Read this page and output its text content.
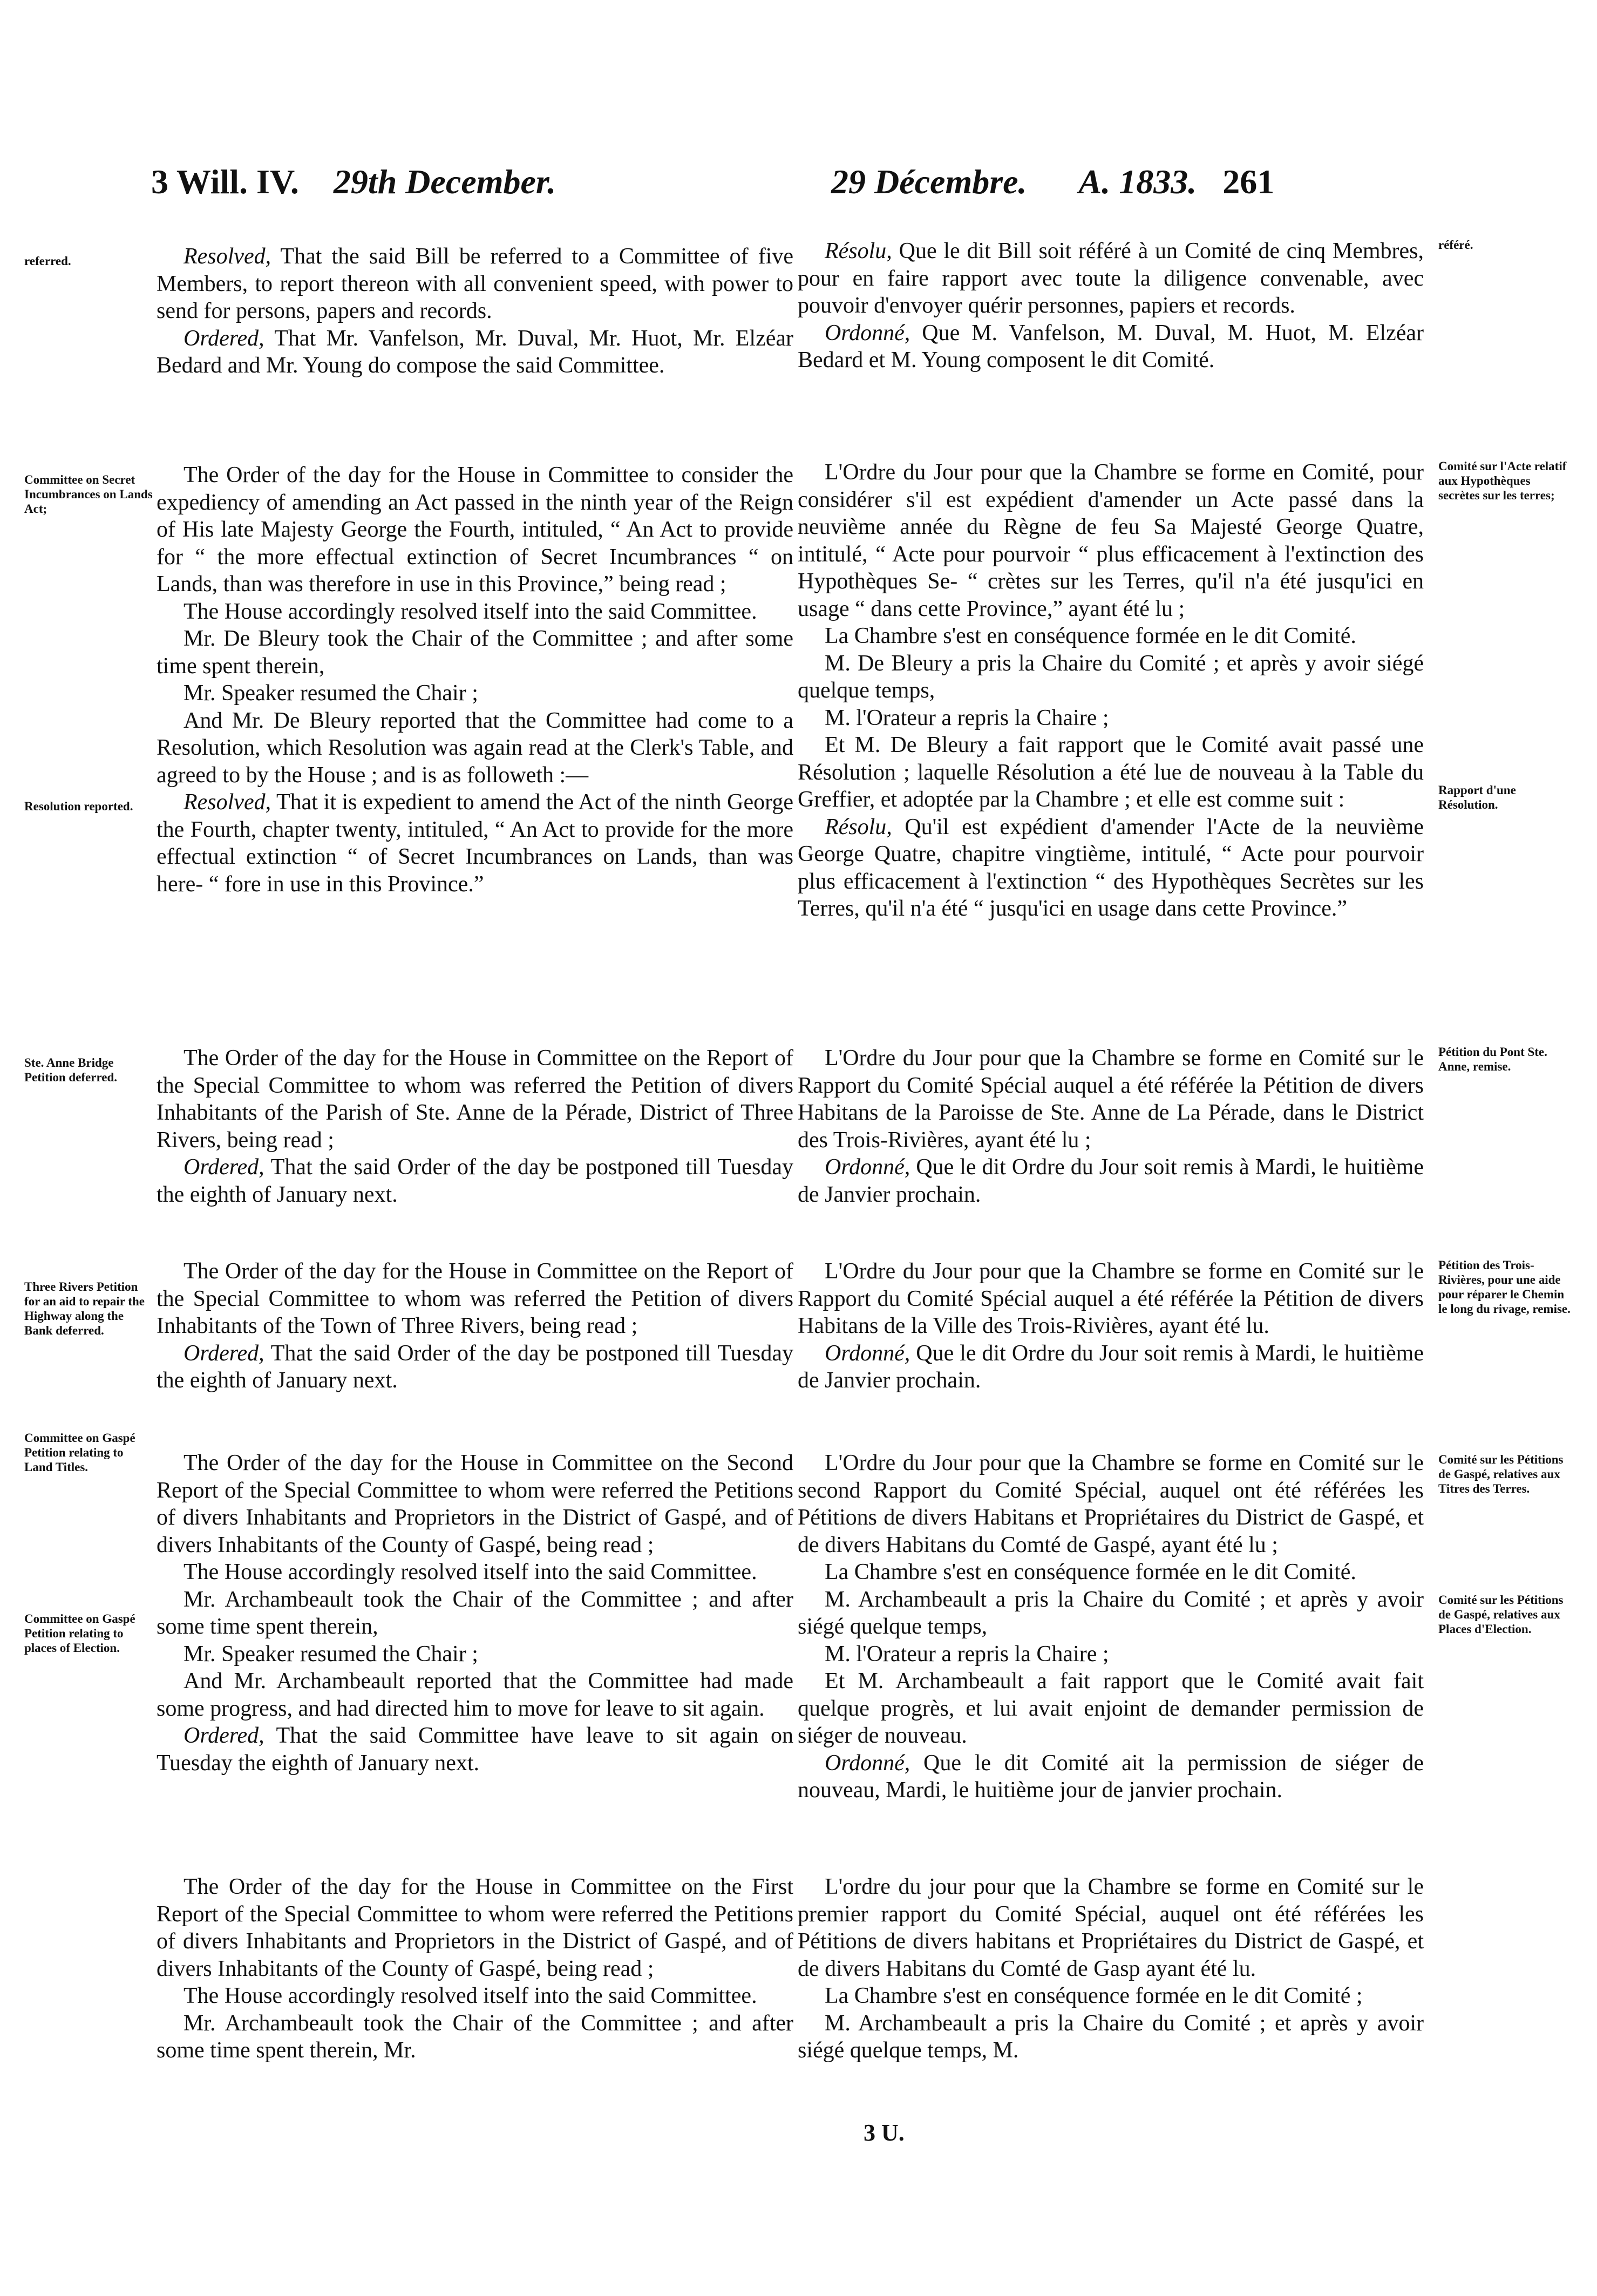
3 Will. IV. 29th December.	29 Décembre. A. 1833. 261
referred.
Committee on Secret Incumbrances on Lands Act;
Resolution reported.
Ste. Anne Bridge Petition deferred.
Three Rivers Petition for an aid to repair the Highway along the Bank deferred.
Committee on Gaspé Petition relating to Land Titles.
Committee on Gaspé Petition relating to places of Election.
référé.
Comité sur l'Acte relatif aux Hypothèques secrètes sur les terres;
Rapport d'une Résolution.
Pétition du Pont Ste. Anne, remise.
Pétition des Trois-Rivières, pour une aide pour réparer le Chemin le long du rivage, remise.
Comité sur les Pétitions de Gaspé, relatives aux Titres des Terres.
Comité sur les Pétitions de Gaspé, relatives aux Places d'Election.

Resolved, That the said Bill be referred to a Committee of five Members, to report thereon with all convenient speed, with power to send for persons, papers and records.

Ordered, That Mr. Vanfelson, Mr. Duval, Mr. Huot, Mr. Elzéar Bedard and Mr. Young do compose the said Committee.

The Order of the day for the House in Committee to consider the expediency of amending an Act passed in the ninth year of the Reign of His late Majesty George the Fourth, intituled, “ An Act to provide for “ the more effectual extinction of Secret Incumbrances “ on Lands, than was therefore in use in this Province,” being read ;

The House accordingly resolved itself into the said Committee.

Mr. De Bleury took the Chair of the Committee ; and after some time spent therein,

Mr. Speaker resumed the Chair ;

And Mr. De Bleury reported that the Committee had come to a Resolution, which Resolution was again read at the Clerk's Table, and agreed to by the House ; and is as followeth :—

Resolved, That it is expedient to amend the Act of the ninth George the Fourth, chapter twenty, intituled, “ An Act to provide for the more effectual extinction “ of Secret Incumbrances on Lands, than was here- “ fore in use in this Province.”

The Order of the day for the House in Committee on the Report of the Special Committee to whom was referred the Petition of divers Inhabitants of the Parish of Ste. Anne de la Pérade, District of Three Rivers, being read ;

Ordered, That the said Order of the day be postponed till Tuesday the eighth of January next.

The Order of the day for the House in Committee on the Report of the Special Committee to whom was referred the Petition of divers Inhabitants of the Town of Three Rivers, being read ;

Ordered, That the said Order of the day be postponed till Tuesday the eighth of January next.

The Order of the day for the House in Committee on the Second Report of the Special Committee to whom were referred the Petitions of divers Inhabitants and Proprietors in the District of Gaspé, and of divers Inhabitants of the County of Gaspé, being read ;

The House accordingly resolved itself into the said Committee.

Mr. Archambeault took the Chair of the Committee ; and after some time spent therein,

Mr. Speaker resumed the Chair ;

And Mr. Archambeault reported that the Committee had made some progress, and had directed him to move for leave to sit again.

Ordered, That the said Committee have leave to sit again on Tuesday the eighth of January next.

The Order of the day for the House in Committee on the First Report of the Special Committee to whom were referred the Petitions of divers Inhabitants and Proprietors in the District of Gaspé, and of divers Inhabitants of the County of Gaspé, being read ;

The House accordingly resolved itself into the said Committee.

Mr. Archambeault took the Chair of the Committee ; and after some time spent therein, Mr.

Résolu, Que le dit Bill soit référé à un Comité de cinq Membres, pour en faire rapport avec toute la diligence convenable, avec pouvoir d'envoyer quérir personnes, papiers et records.

Ordonné, Que M. Vanfelson, M. Duval, M. Huot, M. Elzéar Bedard et M. Young composent le dit Comité.

L'Ordre du Jour pour que la Chambre se forme en Comité, pour considérer s'il est expédient d'amender un Acte passé dans la neuvième année du Règne de feu Sa Majesté George Quatre, intitulé, “ Acte pour pourvoir “ plus efficacement à l'extinction des Hypothèques Se- “ crètes sur les Terres, qu'il n'a été jusqu'ici en usage “ dans cette Province,” ayant été lu ;

La Chambre s'est en conséquence formée en le dit Comité.

M. De Bleury a pris la Chaire du Comité ; et après y avoir siégé quelque temps,

M. l'Orateur a repris la Chaire ;

Et M. De Bleury a fait rapport que le Comité avait passé une Résolution ; laquelle Résolution a été lue de nouveau à la Table du Greffier, et adoptée par la Chambre ; et elle est comme suit :

Résolu, Qu'il est expédient d'amender l'Acte de la neuvième George Quatre, chapitre vingtième, intitulé, “ Acte pour pourvoir plus efficacement à l'extinction “ des Hypothèques Secrètes sur les Terres, qu'il n'a été “ jusqu'ici en usage dans cette Province.”

L'Ordre du Jour pour que la Chambre se forme en Comité sur le Rapport du Comité Spécial auquel a été référée la Pétition de divers Habitans de la Paroisse de Ste. Anne de La Pérade, dans le District des Trois-Rivières, ayant été lu ;

Ordonné, Que le dit Ordre du Jour soit remis à Mardi, le huitième de Janvier prochain.

L'Ordre du Jour pour que la Chambre se forme en Comité sur le Rapport du Comité Spécial auquel a été référée la Pétition de divers Habitans de la Ville des Trois-Rivières, ayant été lu.

Ordonné, Que le dit Ordre du Jour soit remis à Mardi, le huitième de Janvier prochain.

L'Ordre du Jour pour que la Chambre se forme en Comité sur le second Rapport du Comité Spécial, auquel ont été référées les Pétitions de divers Habitans et Propriétaires du District de Gaspé, et de divers Habitans du Comté de Gaspé, ayant été lu ;

La Chambre s'est en conséquence formée en le dit Comité.

M. Archambeault a pris la Chaire du Comité ; et après y avoir siégé quelque temps,

M. l'Orateur a repris la Chaire ;

Et M. Archambeault a fait rapport que le Comité avait fait quelque progrès, et lui avait enjoint de demander permission de siéger de nouveau.

Ordonné, Que le dit Comité ait la permission de siéger de nouveau, Mardi, le huitième jour de janvier prochain.

L'ordre du jour pour que la Chambre se forme en Comité sur le premier rapport du Comité Spécial, auquel ont été référées les Pétitions de divers habitans et Propriétaires du District de Gaspé, et de divers Habitans du Comté de Gasp ayant été lu.

La Chambre s'est en conséquence formée en le dit Comité ;

M. Archambeault a pris la Chaire du Comité ; et après y avoir siégé quelque temps, M.

3 U.
